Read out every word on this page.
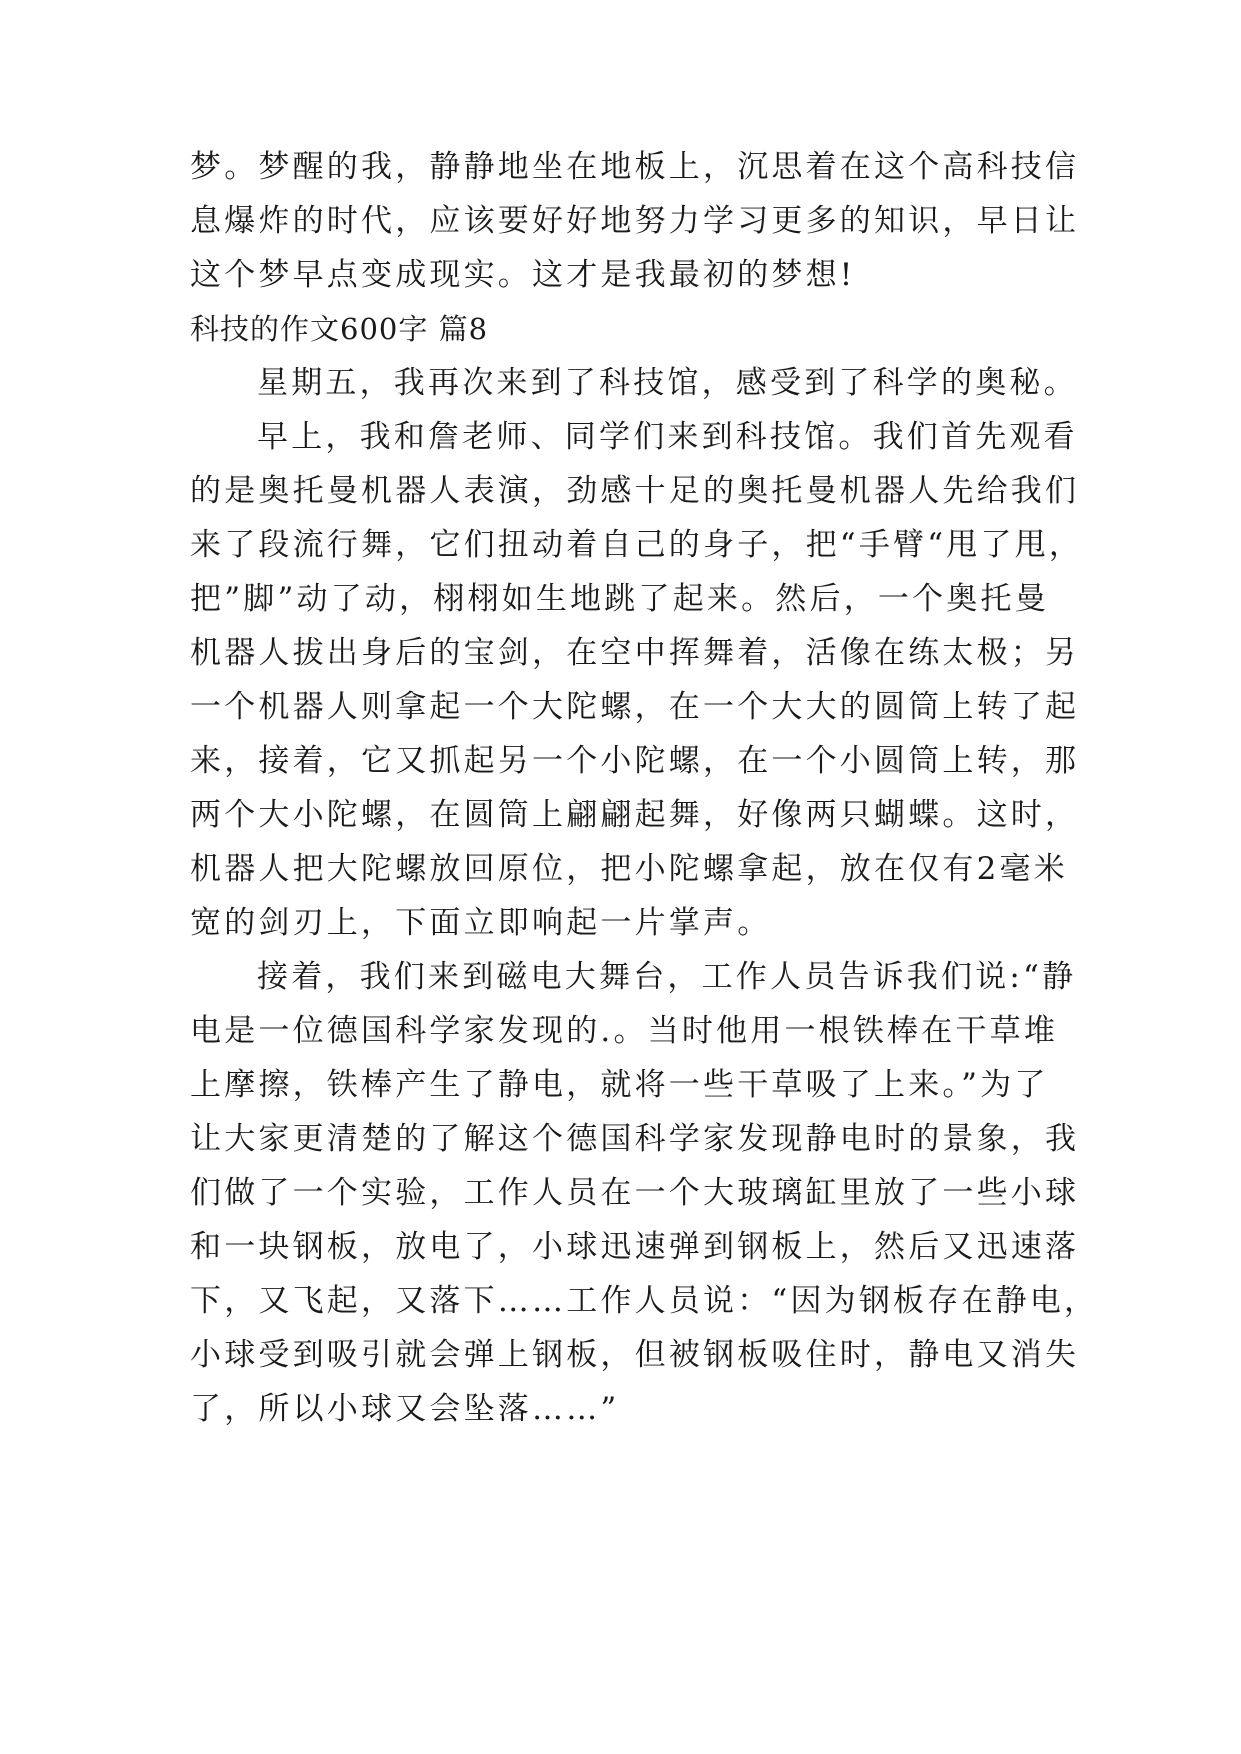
梦。梦醒的我，静静地坐在地板上，沉思着在这个高科技信
息爆炸的时代，应该要好好地努力学习更多的知识，早日让
这个梦早点变成现实。这才是我最初的梦想!
科技的作文600字 篇8
星期五，我再次来到了科技馆，感受到了科学的奥秘。
早上，我和詹老师、同学们来到科技馆。我们首先观看
的是奥托曼机器人表演，劲感十足的奥托曼机器人先给我们
来了段流行舞，它们扭动着自己的身子，把“手臂“甩了甩，
把”脚”动了动，栩栩如生地跳了起来。然后，一个奥托曼
机器人拔出身后的宝剑，在空中挥舞着，活像在练太极；另
一个机器人则拿起一个大陀螺，在一个大大的圆筒上转了起
来，接着，它又抓起另一个小陀螺，在一个小圆筒上转，那
两个大小陀螺，在圆筒上翩翩起舞，好像两只蝴蝶。这时，
机器人把大陀螺放回原位，把小陀螺拿起，放在仅有2毫米
宽的剑刃上，下面立即响起一片掌声。
接着，我们来到磁电大舞台，工作人员告诉我们说:“静
电是一位德国科学家发现的.。当时他用一根铁棒在干草堆
上摩擦，铁棒产生了静电，就将一些干草吸了上来。”为了
让大家更清楚的了解这个德国科学家发现静电时的景象，我
们做了一个实验，工作人员在一个大玻璃缸里放了一些小球
和一块钢板，放电了，小球迅速弹到钢板上，然后又迅速落
下，又飞起，又落下……工作人员说：“因为钢板存在静电，
小球受到吸引就会弹上钢板，但被钢板吸住时，静电又消失
了，所以小球又会坠落……”
